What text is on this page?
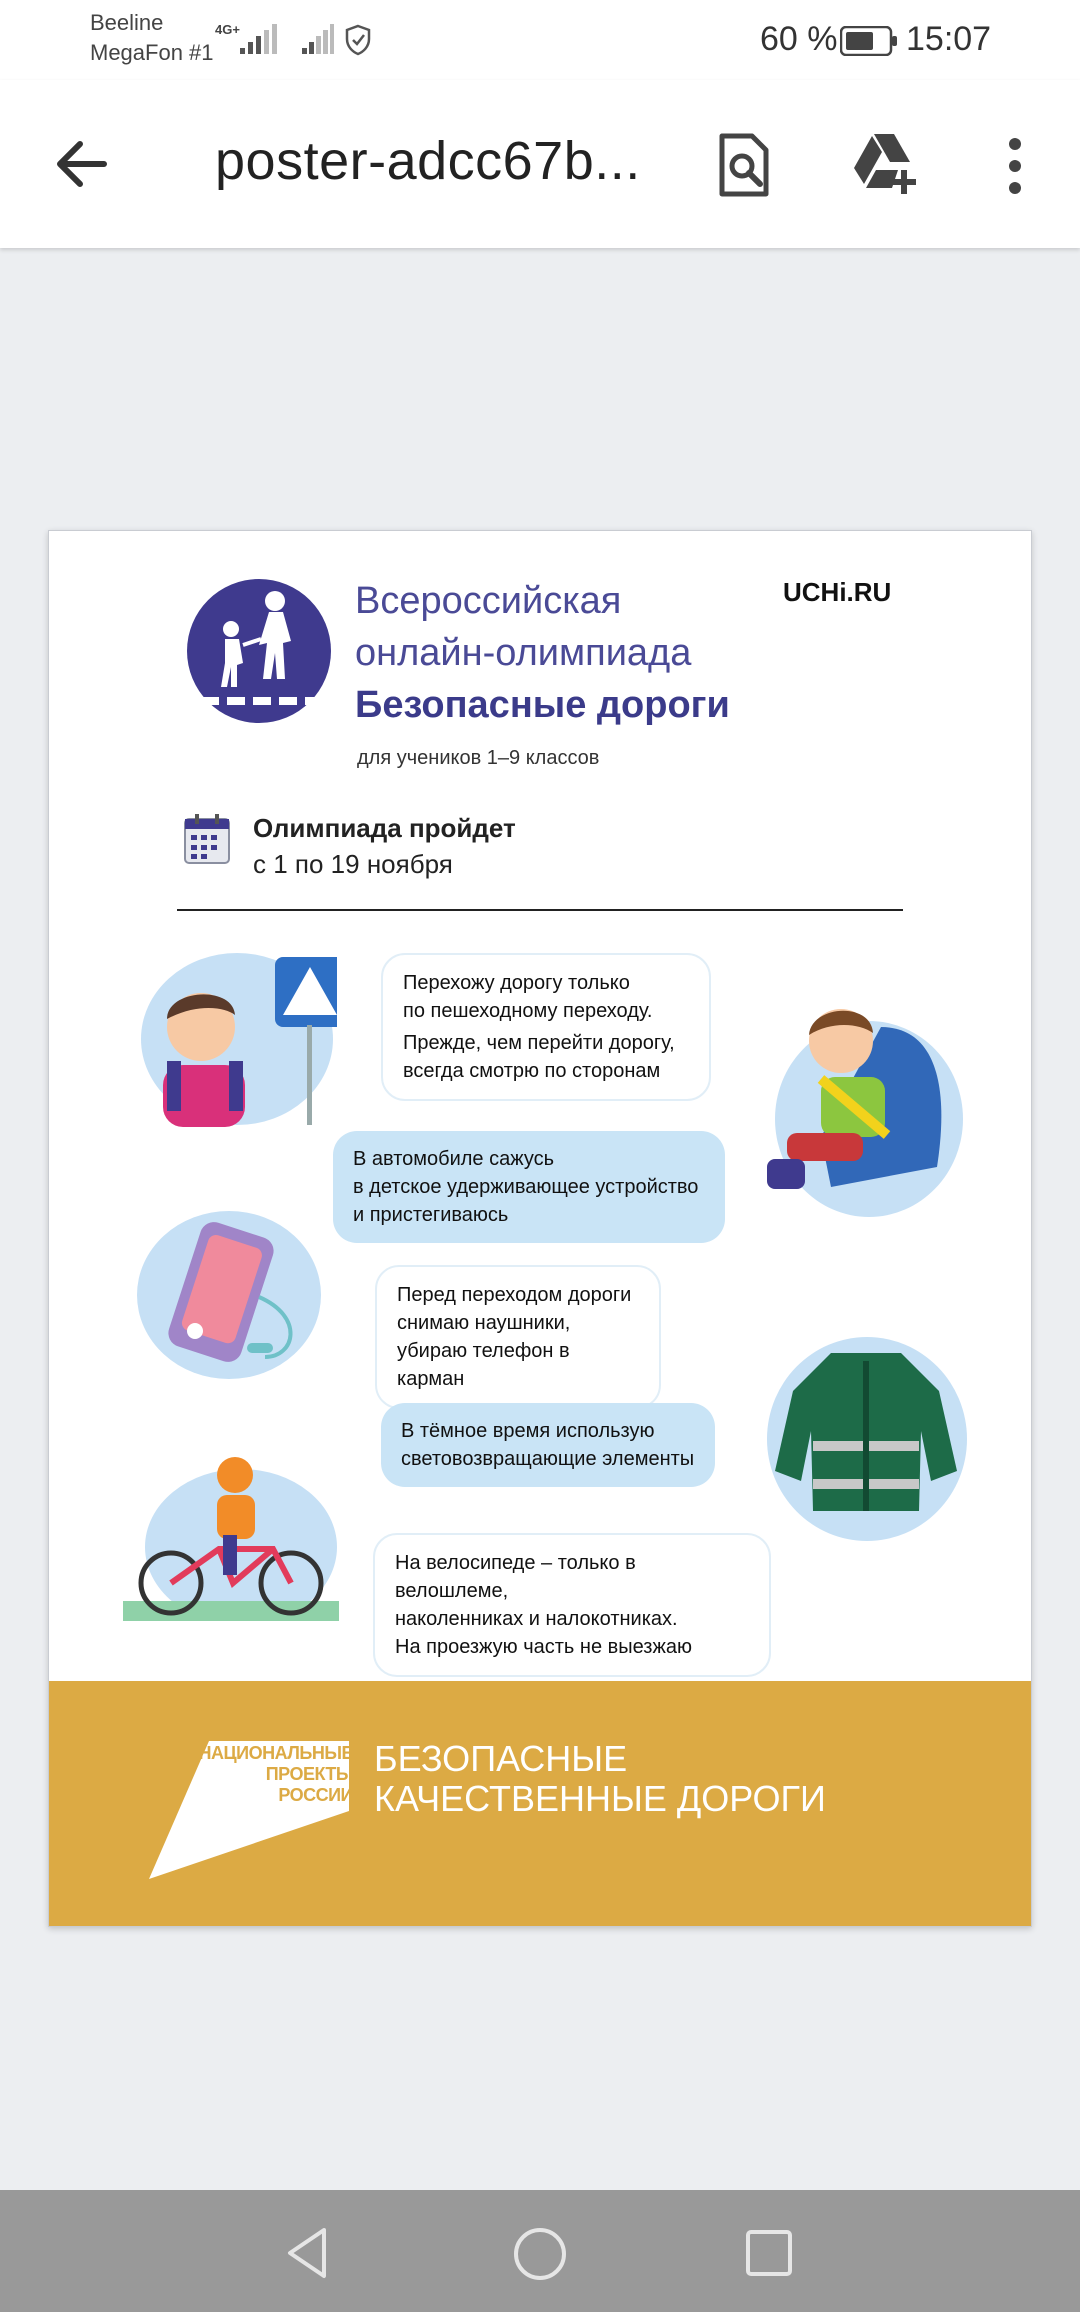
Beeline
MegaFon #1
4G+	60 % 15:07
poster-adcc67b...
Всероссийская
онлайн-олимпиада
Безопасные дороги
UCHi.RU
для учеников 1–9 классов
Олимпиада пройдет
с 1 по 19 ноября
Перехожу дорогу только
по пешеходному переходу.
Прежде, чем перейти дорогу,
всегда смотрю по сторонам
В автомобиле сажусь
в детское удерживающее устройство
и пристегиваюсь
Перед переходом дороги
снимаю наушники,
убираю телефон в карман
В тёмное время использую
световозвращающие элементы
На велосипеде – только в велошлеме,
наколенниках и налокотниках.
На проезжую часть не выезжаю
НАЦИОНАЛЬНЫЕ
ПРОЕКТЫ
РОССИИ
БЕЗОПАСНЫЕ
КАЧЕСТВЕННЫЕ ДОРОГИ
